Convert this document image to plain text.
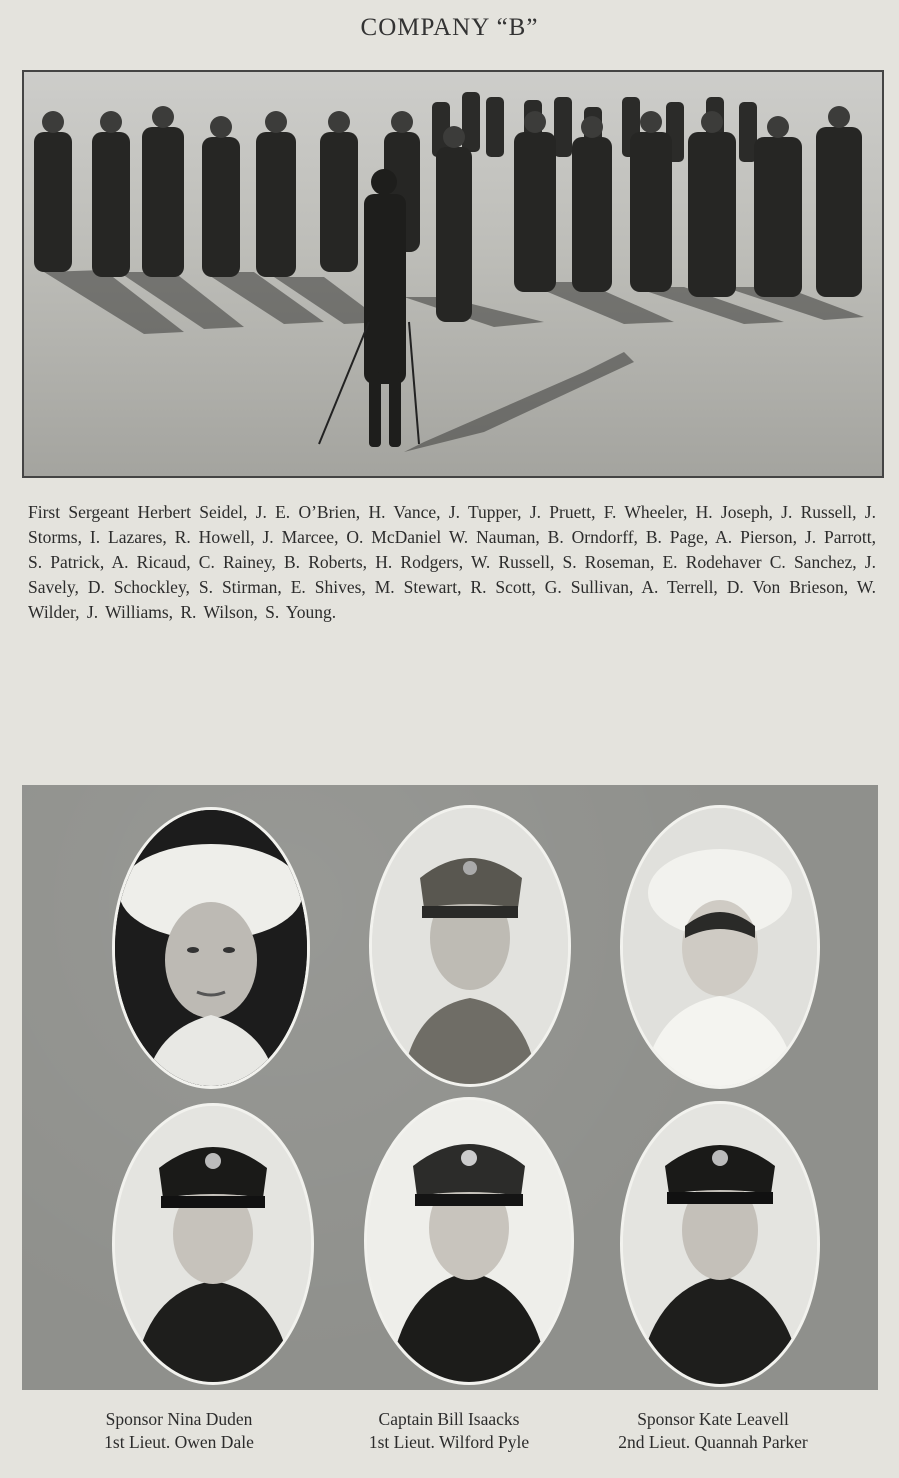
COMPANY “B”
First Sergeant Herbert Seidel, J. E. O’Brien, H. Vance, J. Tupper, J. Pruett, F. Wheeler, H. Joseph, J. Russell, J. Storms, I. Lazares, R. Howell, J. Marcee, O. McDaniel W. Nauman, B. Orndorff, B. Page, A. Pierson, J. Parrott, S. Patrick, A. Ricaud, C. Rainey, B. Roberts, H. Rodgers, W. Russell, S. Roseman, E. Rodehaver C. Sanchez, J. Savely, D. Schockley, S. Stirman, E. Shives, M. Stewart, R. Scott, G. Sullivan, A. Terrell, D. Von Brieson, W. Wilder, J. Williams, R. Wilson, S. Young.
Sponsor Nina Duden
1st Lieut. Owen Dale
Captain Bill Isaacks
1st Lieut. Wilford Pyle
Sponsor Kate Leavell
2nd Lieut. Quannah Parker
